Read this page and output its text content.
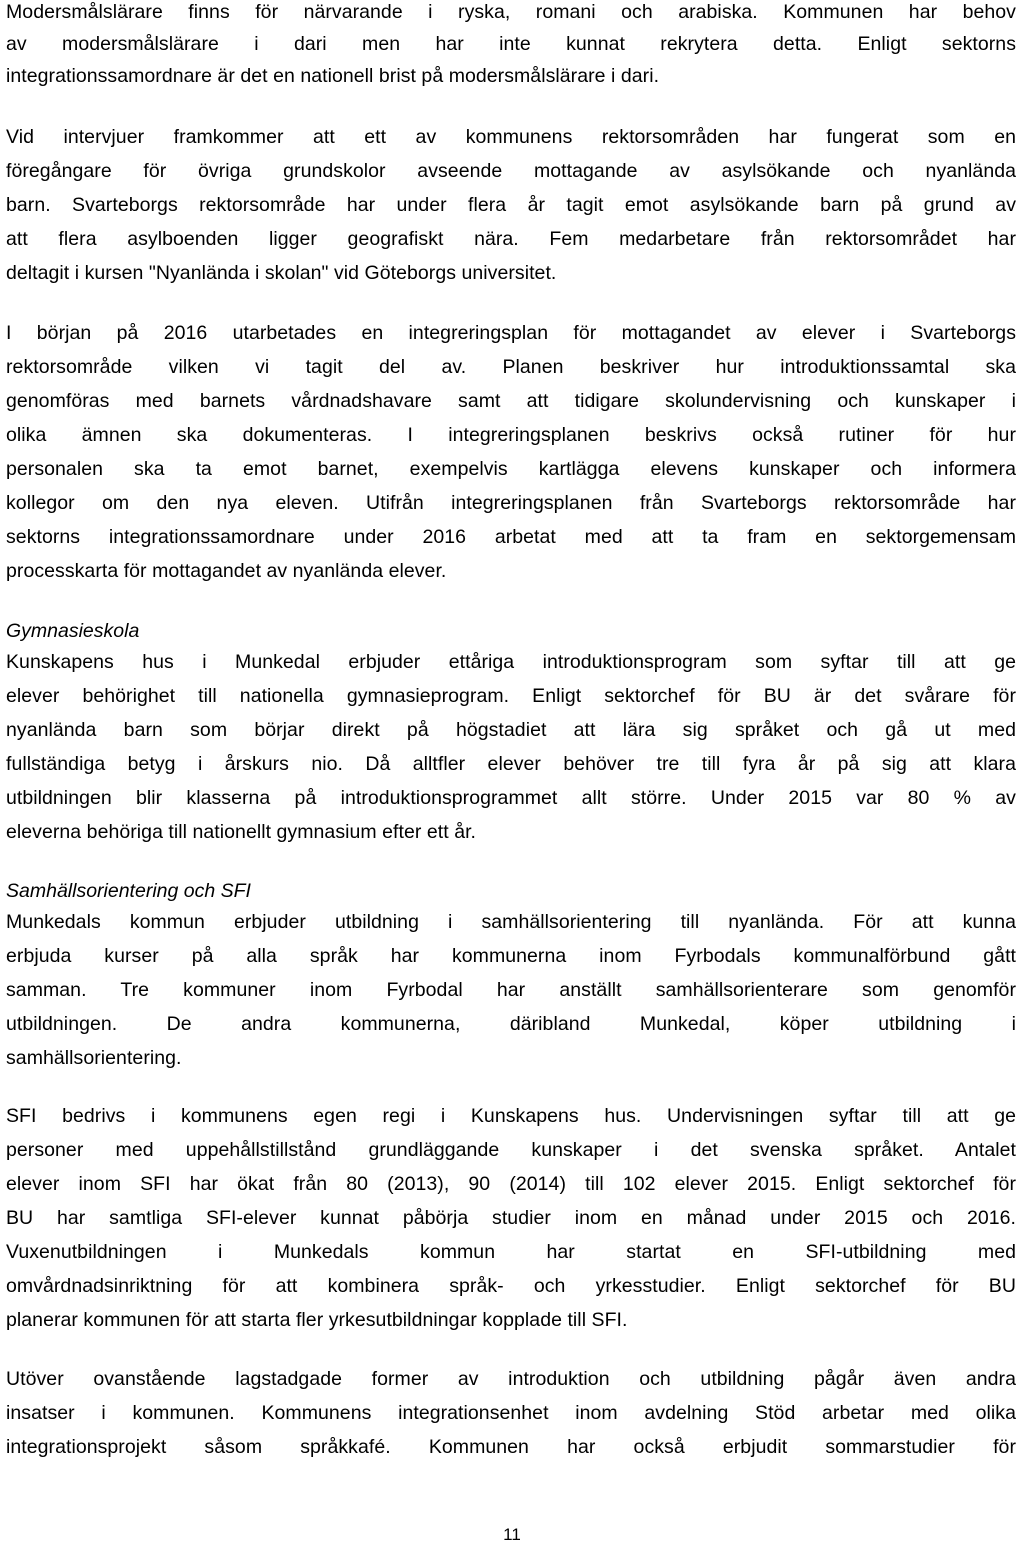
Modersmålslärare finns för närvarande i ryska, romani och arabiska. Kommunen har behov
av modersmålslärare i dari men har inte kunnat rekrytera detta. Enligt sektorns
integrationssamordnare är det en nationell brist på modersmålslärare i dari.
Vid intervjuer framkommer att ett av kommunens rektorsområden har fungerat som en
föregångare för övriga grundskolor avseende mottagande av asylsökande och nyanlända
barn. Svarteborgs rektorsområde har under flera år tagit emot asylsökande barn på grund av
att flera asylboenden ligger geografiskt nära. Fem medarbetare från rektorsområdet har
deltagit i kursen "Nyanlända i skolan" vid Göteborgs universitet.
I början på 2016 utarbetades en integreringsplan för mottagandet av elever i Svarteborgs
rektorsområde vilken vi tagit del av. Planen beskriver hur introduktionssamtal ska
genomföras med barnets vårdnadshavare samt att tidigare skolundervisning och kunskaper i
olika ämnen ska dokumenteras. I integreringsplanen beskrivs också rutiner för hur
personalen ska ta emot barnet, exempelvis kartlägga elevens kunskaper och informera
kollegor om den nya eleven. Utifrån integreringsplanen från Svarteborgs rektorsområde har
sektorns integrationssamordnare under 2016 arbetat med att ta fram en sektorgemensam
processkarta för mottagandet av nyanlända elever.
Gymnasieskola
Kunskapens hus i Munkedal erbjuder ettåriga introduktionsprogram som syftar till att ge
elever behörighet till nationella gymnasieprogram. Enligt sektorchef för BU är det svårare för
nyanlända barn som börjar direkt på högstadiet att lära sig språket och gå ut med
fullständiga betyg i årskurs nio. Då alltfler elever behöver tre till fyra år på sig att klara
utbildningen blir klasserna på introduktionsprogrammet allt större. Under 2015 var 80 % av
eleverna behöriga till nationellt gymnasium efter ett år.
Samhällsorientering och SFI
Munkedals kommun erbjuder utbildning i samhällsorientering till nyanlända. För att kunna
erbjuda kurser på alla språk har kommunerna inom Fyrbodals kommunalförbund gått
samman. Tre kommuner inom Fyrbodal har anställt samhällsorienterare som genomför
utbildningen. De andra kommunerna, däribland Munkedal, köper utbildning i
samhällsorientering.
SFI bedrivs i kommunens egen regi i Kunskapens hus. Undervisningen syftar till att ge
personer med uppehållstillstånd grundläggande kunskaper i det svenska språket. Antalet
elever inom SFI har ökat från 80 (2013), 90 (2014) till 102 elever 2015. Enligt sektorchef för
BU har samtliga SFI-elever kunnat påbörja studier inom en månad under 2015 och 2016.
Vuxenutbildningen i Munkedals kommun har startat en SFI-utbildning med
omvårdnadsinriktning för att kombinera språk- och yrkesstudier. Enligt sektorchef för BU
planerar kommunen för att starta fler yrkesutbildningar kopplade till SFI.
Utöver ovanstående lagstadgade former av introduktion och utbildning pågår även andra
insatser i kommunen. Kommunens integrationsenhet inom avdelning Stöd arbetar med olika
integrationsprojekt såsom språkkafé. Kommunen har också erbjudit sommarstudier för
11
